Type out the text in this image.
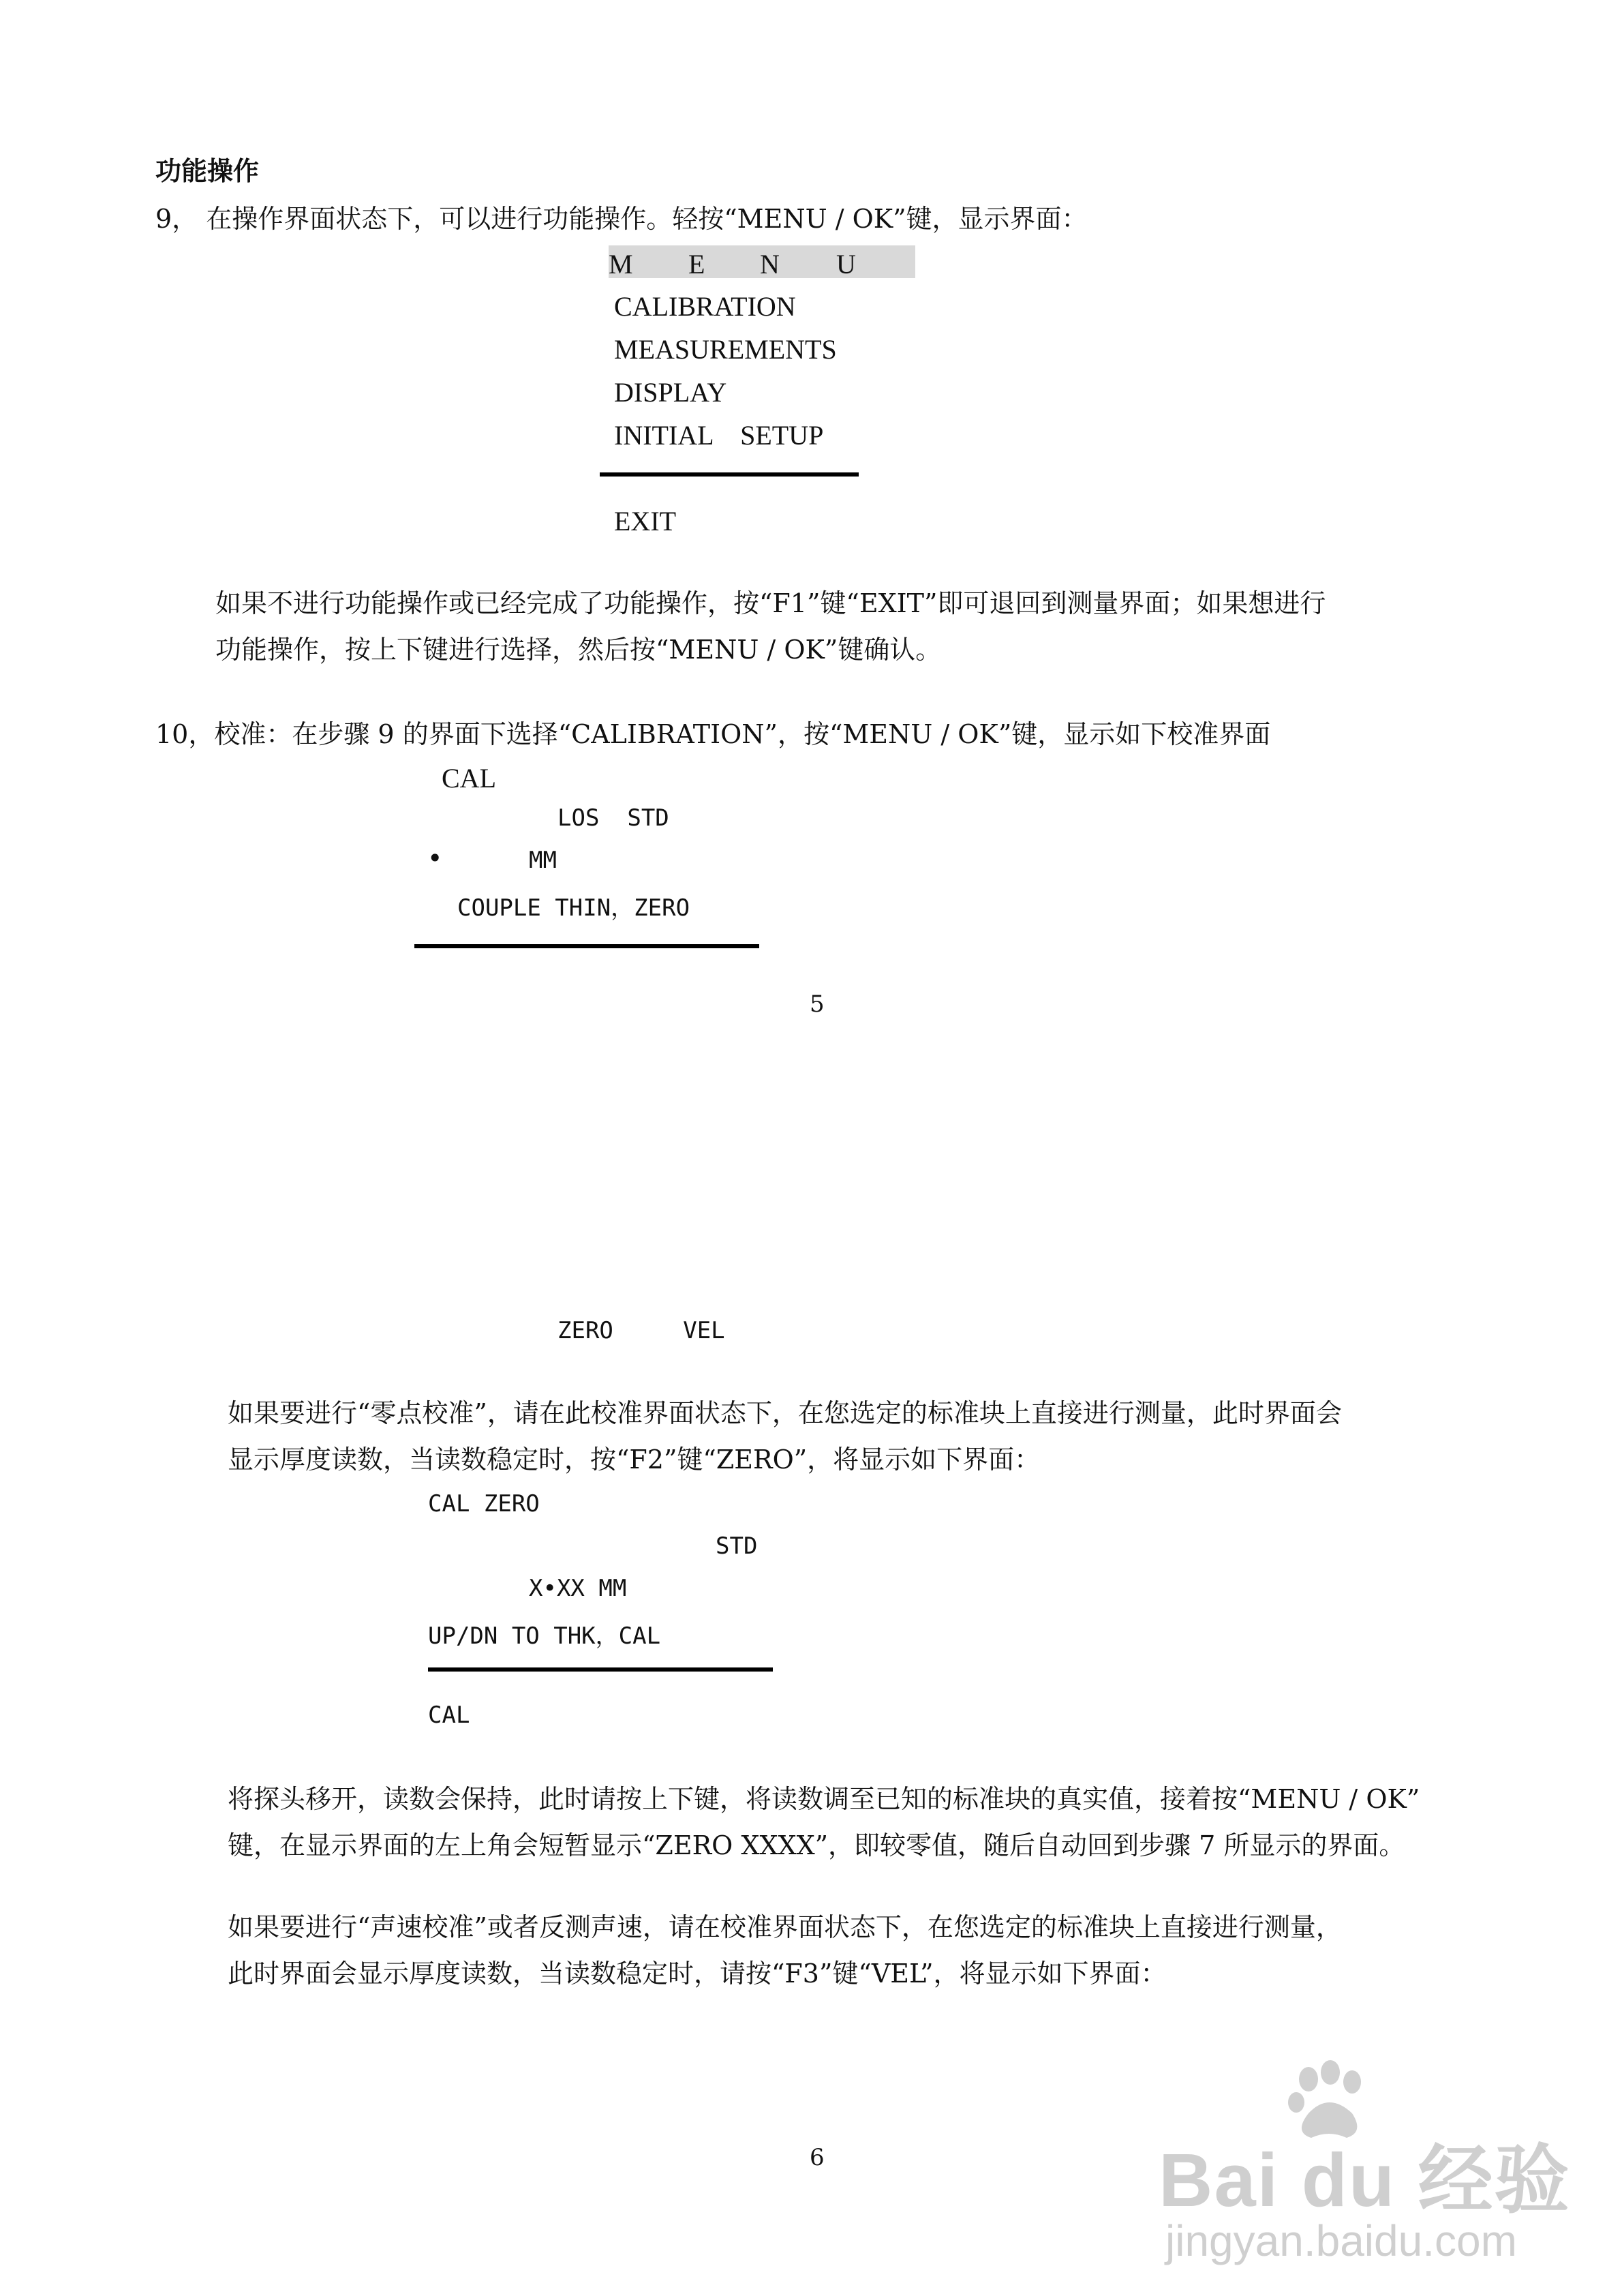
功能操作
9， 在操作界面状态下，可以进行功能操作。轻按“MENU / OK”键，显示界面：
M E N U
CALIBRATION
MEASUREMENTS
DISPLAY
INITIAL    SETUP
EXIT
如果不进行功能操作或已经完成了功能操作，按“F1”键“EXIT”即可退回到测量界面；如果想进行
功能操作，按上下键进行选择，然后按“MENU / OK”键确认。
10，校准：在步骤 9 的界面下选择“CALIBRATION”，按“MENU / OK”键，显示如下校准界面
CAL
LOS  STD
•	MM
COUPLE THIN，ZERO
5
ZERO     VEL
如果要进行“零点校准”，请在此校准界面状态下，在您选定的标准块上直接进行测量，此时界面会
显示厚度读数，当读数稳定时，按“F2”键“ZERO”，将显示如下界面：
CAL ZERO
STD
X•XX MM
UP/DN TO THK，CAL
CAL
将探头移开，读数会保持，此时请按上下键，将读数调至已知的标准块的真实值，接着按“MENU / OK”
键，在显示界面的左上角会短暂显示“ZERO XXXX”，即较零值，随后自动回到步骤 7 所显示的界面。
如果要进行“声速校准”或者反测声速，请在校准界面状态下，在您选定的标准块上直接进行测量，
此时界面会显示厚度读数，当读数稳定时，请按“F3”键“VEL”，将显示如下界面：
6	Bai du 经验
jingyan.baidu.com
